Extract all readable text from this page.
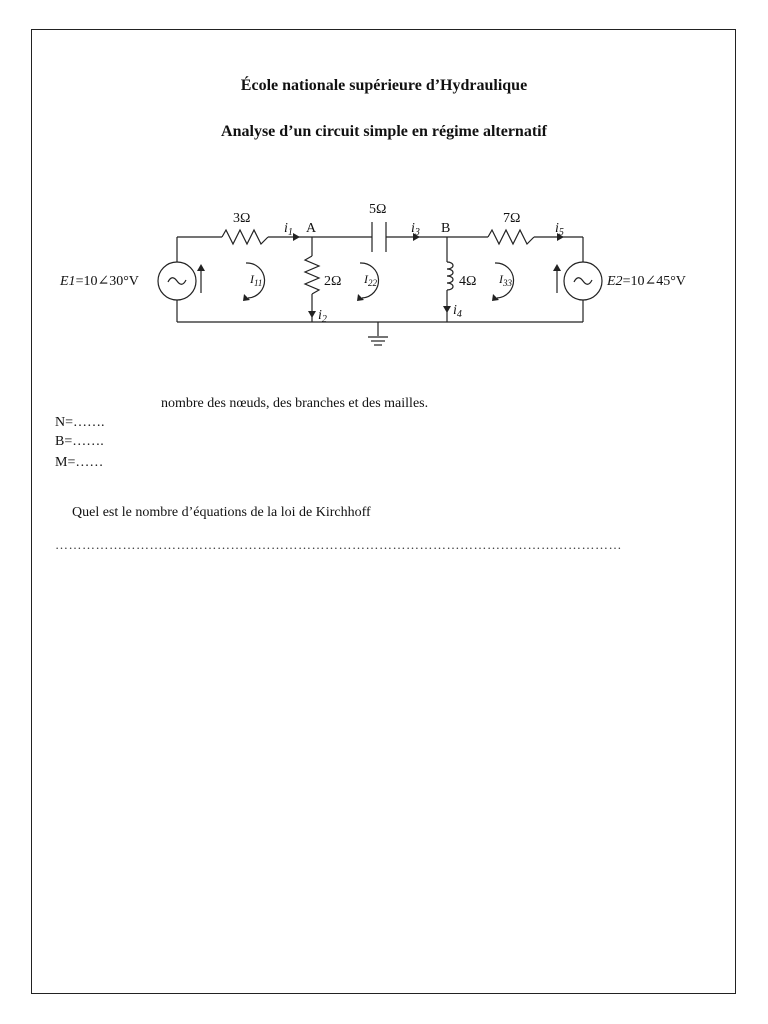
École nationale supérieure d’Hydraulique
Analyse d’un circuit simple en régime alternatif
3Ω
5Ω
7Ω
2Ω	4Ω
A	B
$i_1$
$i_2$
$i_3$
$i_4$
$i_5$
$I_{11}$	$I_{22}$	$I_{33}$
E1=10∠30°V	E2=10∠45°V
nombre des nœuds, des branches et des mailles.
N=…….
B=…….
M=……
Quel est le nombre d’équations de la loi de Kirchhoff
………………………………………………………………………………………………………………
